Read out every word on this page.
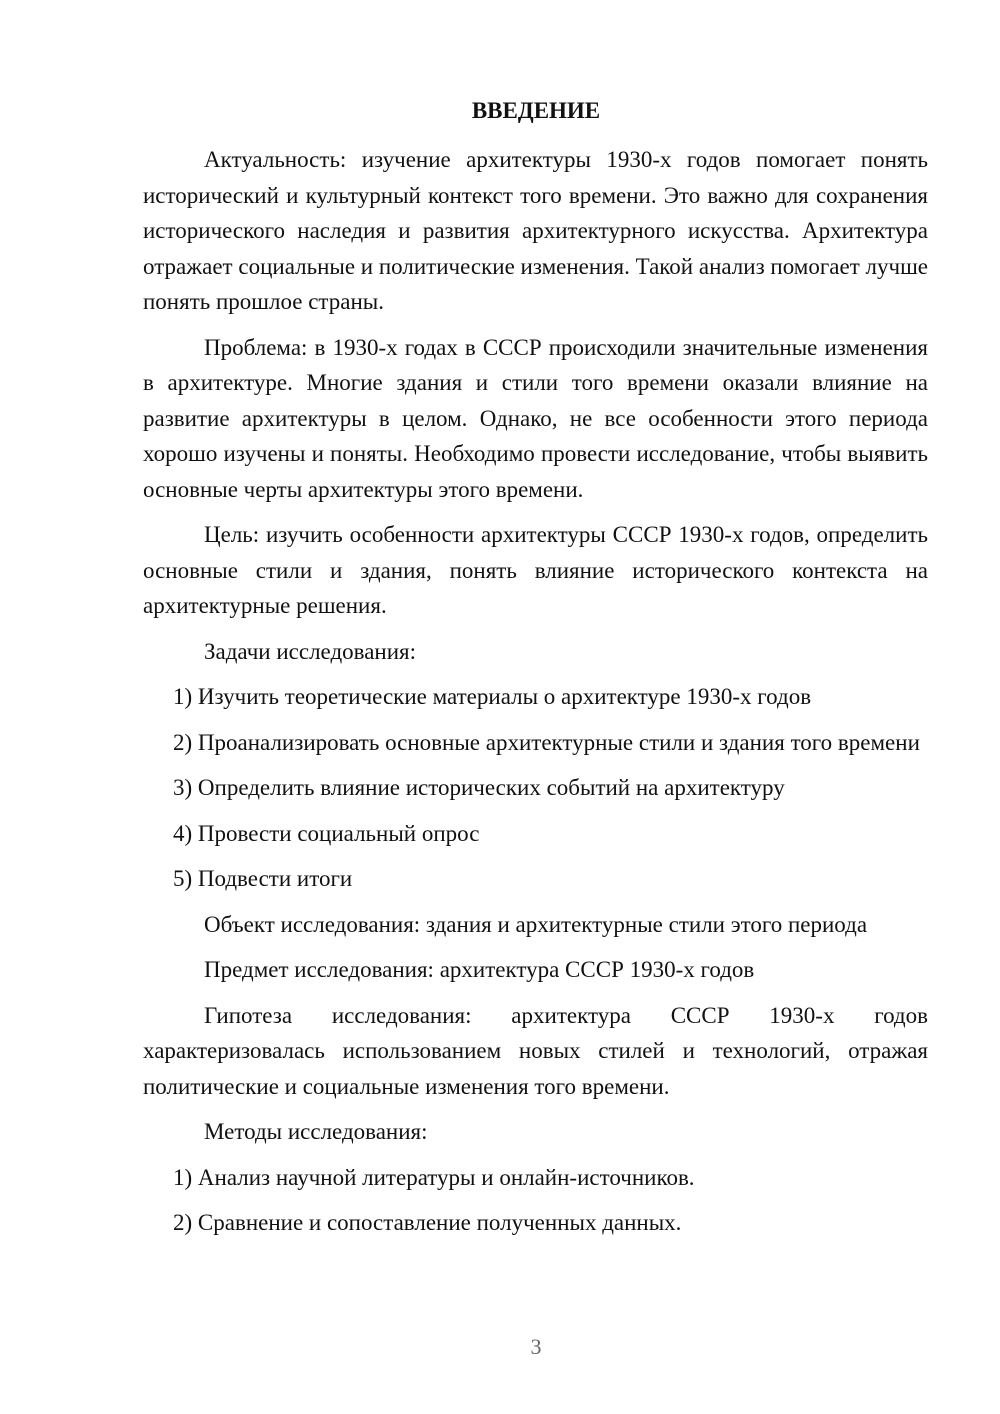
ВВЕДЕНИЕ

Актуальность: изучение архитектуры 1930-х годов помогает понять исторический и культурный контекст того времени. Это важно для сохранения исторического наследия и развития архитектурного искусства. Архитектура отражает социальные и политические изменения. Такой анализ помогает лучше понять прошлое страны.

Проблема: в 1930-х годах в СССР происходили значительные изменения в архитектуре. Многие здания и стили того времени оказали влияние на развитие архитектуры в целом. Однако, не все особенности этого периода хорошо изучены и поняты. Необходимо провести исследование, чтобы выявить основные черты архитектуры этого времени.

Цель: изучить особенности архитектуры СССР 1930-х годов, определить основные стили и здания, понять влияние исторического контекста на архитектурные решения.

Задачи исследования:

1) Изучить теоретические материалы о архитектуре 1930-х годов

2) Проанализировать основные архитектурные стили и здания того времени

3) Определить влияние исторических событий на архитектуру

4) Провести социальный опрос

5) Подвести итоги

Объект исследования: здания и архитектурные стили этого периода

Предмет исследования: архитектура СССР 1930-х годов

Гипотеза исследования: архитектура СССР 1930-х годов характеризовалась использованием новых стилей и технологий, отражая политические и социальные изменения того времени.

Методы исследования:

1) Анализ научной литературы и онлайн-источников.

2) Сравнение и сопоставление полученных данных.

3
